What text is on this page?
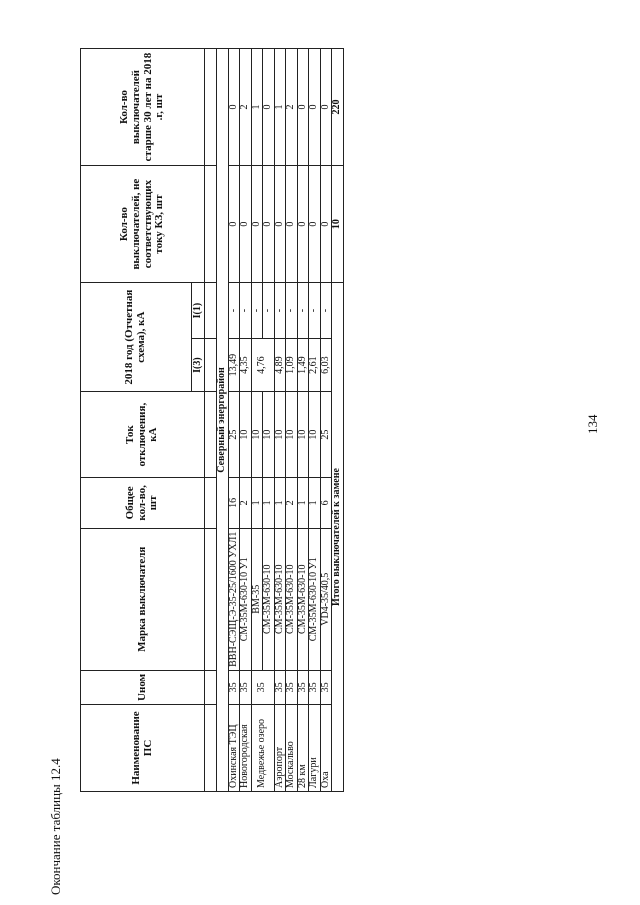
Окончание таблицы 12.4
Наименование ПС	Uном	Марка выключателя	Общее кол-во, шт	Ток отключения, кА	2018 год (Отчетная схема), кА		Кол-во выключателей, не соответствующих току КЗ, шт	Кол-во выключателей старше 30 лет на 2018 .г, шт
					I(3)	I(1)		

Северный энергорайон								
Охинская ТЭЦ	35	ВВН-СЭЩ-Э-35-25/1600 УХЛ1	16	25	13,49	-	0	0
Новогородская	35	СМ-35М-630-10 У1	2	10	4,35	-	0	2
Медвежье озеро	35	ВМ-35	1	10	4,76	-	0	1
		СМ-35М-630-10	1	10		-	0	0
Аэропорт	35	СМ-35М-630-10	1	10	4,89	-	0	1
Москальво	35	СМ-35М-630-10	2	10	1,09	-	0	2
28 км	35	СМ-35М-630-10	1	10	1,49	-	0	0
Лагури	35	СМ-35М-630-10 У1	1	10	2,61	-	0	0
Оха	35	VD4-35/40,5	6	25	6,03	-	0	0
Итого выключателей к замене							10	220
134
